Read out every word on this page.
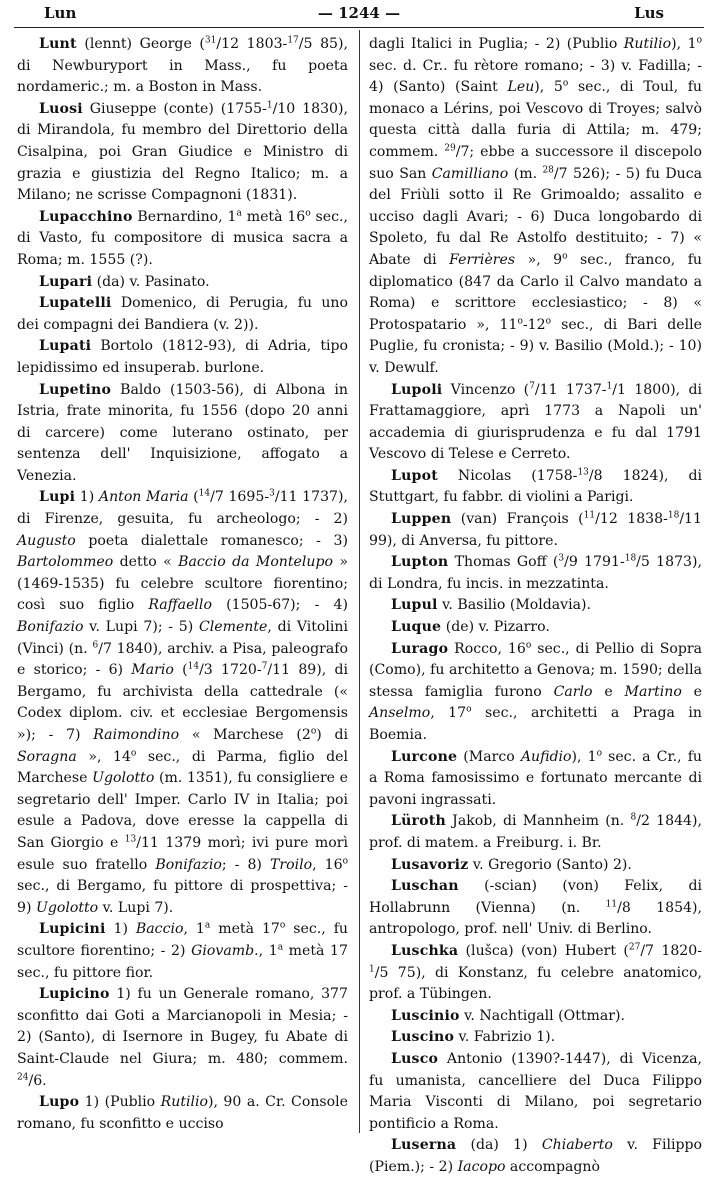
Lun	— 1244 —	Lus
Lunt (lennt) George ($^{31}$/12 1803-$^{17}$/5 85), di Newburyport in Mass., fu poeta nordameric.; m. a Boston in Mass.
Luosi Giuseppe (conte) (1755-$^1$/10 1830), di Mirandola, fu membro del Direttorio della Cisalpina, poi Gran Giudice e Ministro di grazia e giustizia del Regno Italico; m. a Milano; ne scrisse Compagnoni (1831).
Lupacchino Bernardino, 1$^a$ metà 16$^o$ sec., di Vasto, fu compositore di musica sacra a Roma; m. 1555 (?).
Lupari (da) v. Pasinato.
Lupatelli Domenico, di Perugia, fu uno dei compagni dei Bandiera (v. 2)).
Lupati Bortolo (1812-93), di Adria, tipo lepidissimo ed insuperab. burlone.
Lupetino Baldo (1503-56), di Albona in Istria, frate minorita, fu 1556 (dopo 20 anni di carcere) come luterano ostinato, per sentenza dell' Inquisizione, affogato a Venezia.
Lupi 1) Anton Maria ($^{14}$/7 1695-$^3$/11 1737), di Firenze, gesuita, fu archeologo; - 2) Augusto poeta dialettale romanesco; - 3) Bartolommeo detto « Baccio da Montelupo » (1469-1535) fu celebre scultore fiorentino; così suo figlio Raffaello (1505-67); - 4) Bonifazio v. Lupi 7); - 5) Clemente, di Vitolini (Vinci) (n. $^6$/7 1840), archiv. a Pisa, paleografo e storico; - 6) Mario ($^{14}$/3 1720-$^7$/11 89), di Bergamo, fu archivista della cattedrale (« Codex diplom. civ. et ecclesiae Bergomensis »); - 7) Raimondino « Marchese (2$^o$) di Soragna », 14$^o$ sec., di Parma, figlio del Marchese Ugolotto (m. 1351), fu consigliere e segretario dell' Imper. Carlo IV in Italia; poi esule a Padova, dove eresse la cappella di San Giorgio e $^{13}$/11 1379 morì; ivi pure morì esule suo fratello Bonifazio; - 8) Troilo, 16$^o$ sec., di Bergamo, fu pittore di prospettiva; - 9) Ugolotto v. Lupi 7).
Lupicini 1) Baccio, 1$^a$ metà 17$^o$ sec., fu scultore fiorentino; - 2) Giovamb., 1$^a$ metà 17 sec., fu pittore fior.
Lupicino 1) fu un Generale romano, 377 sconfitto dai Goti a Marcianopoli in Mesia; - 2) (Santo), di Isernore in Bugey, fu Abate di Saint-Claude nel Giura; m. 480; commem. $^{24}$/6.
Lupo 1) (Publio Rutilio), 90 a. Cr. Console romano, fu sconfitto e ucciso
dagli Italici in Puglia; - 2) (Publio Rutilio), 1$^o$ sec. d. Cr.. fu rètore romano; - 3) v. Fadilla; - 4) (Santo) (Saint Leu), 5$^o$ sec., di Toul, fu monaco a Lérins, poi Vescovo di Troyes; salvò questa città dalla furia di Attila; m. 479; commem. $^{29}$/7; ebbe a successore il discepolo suo San Camilliano (m. $^{28}$/7 526); - 5) fu Duca del Friùli sotto il Re Grimoaldo; assalito e ucciso dagli Avari; - 6) Duca longobardo di Spoleto, fu dal Re Astolfo destituito; - 7) « Abate di Ferrières », 9$^o$ sec., franco, fu diplomatico (847 da Carlo il Calvo mandato a Roma) e scrittore ecclesiastico; - 8) « Protospatario », 11$^o$-12$^o$ sec., di Bari delle Puglie, fu cronista; - 9) v. Basilio (Mold.); - 10) v. Dewulf.
Lupoli Vincenzo ($^7$/11 1737-$^1$/1 1800), di Frattamaggiore, aprì 1773 a Napoli un' accademia di giurisprudenza e fu dal 1791 Vescovo di Telese e Cerreto.
Lupot Nicolas (1758-$^{13}$/8 1824), di Stuttgart, fu fabbr. di violini a Parigi.
Luppen (van) François ($^{11}$/12 1838-$^{18}$/11 99), di Anversa, fu pittore.
Lupton Thomas Goff ($^3$/9 1791-$^{18}$/5 1873), di Londra, fu incis. in mezzatinta.
Lupul v. Basilio (Moldavia).
Luque (de) v. Pizarro.
Lurago Rocco, 16$^o$ sec., di Pellio di Sopra (Como), fu architetto a Genova; m. 1590; della stessa famiglia furono Carlo e Martino e Anselmo, 17$^o$ sec., architetti a Praga in Boemia.
Lurcone (Marco Aufidio), 1$^o$ sec. a Cr., fu a Roma famosissimo e fortunato mercante di pavoni ingrassati.
Lüroth Jakob, di Mannheim (n. $^8$/2 1844), prof. di matem. a Freiburg. i. Br.
Lusavoriz v. Gregorio (Santo) 2).
Luschan (-scian) (von) Felix, di Hollabrunn (Vienna) (n. $^{11}$/8 1854), antropologo, prof. nell' Univ. di Berlino.
Luschka (lušca) (von) Hubert ($^{27}$/7 1820-$^1$/5 75), di Konstanz, fu celebre anatomico, prof. a Tübingen.
Luscinio v. Nachtigall (Ottmar).
Luscino v. Fabrizio 1).
Lusco Antonio (1390?-1447), di Vicenza, fu umanista, cancelliere del Duca Filippo Maria Visconti di Milano, poi segretario pontificio a Roma.
Luserna (da) 1) Chiaberto v. Filippo (Piem.); - 2) Iacopo accompagnò
